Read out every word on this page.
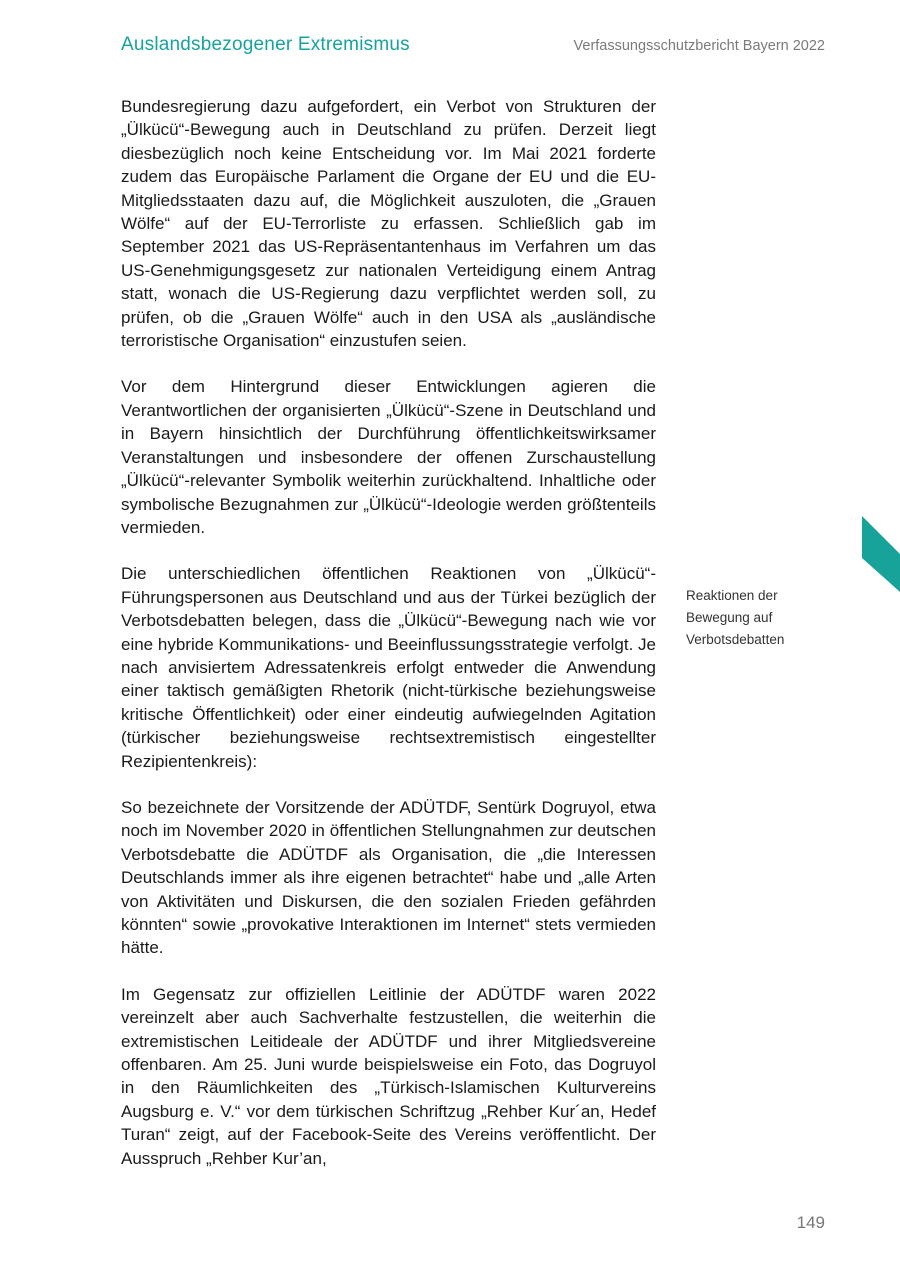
Auslandsbezogener Extremismus	Verfassungsschutzbericht Bayern 2022

Bundesregierung dazu aufgefordert, ein Verbot von Strukturen der „Ülkücü“-Bewegung auch in Deutschland zu prüfen. Derzeit liegt diesbezüglich noch keine Entscheidung vor. Im Mai 2021 forderte zudem das Europäische Parlament die Organe der EU und die EU-Mitgliedsstaaten dazu auf, die Möglichkeit auszuloten, die „Grauen Wölfe“ auf der EU-Terrorliste zu erfassen. Schließlich gab im September 2021 das US-Repräsentantenhaus im Verfahren um das US-Genehmigungsgesetz zur nationalen Verteidigung einem Antrag statt, wonach die US-Regierung dazu verpflichtet werden soll, zu prüfen, ob die „Grauen Wölfe“ auch in den USA als „ausländische terroristische Organisation“ einzustufen seien.

Vor dem Hintergrund dieser Entwicklungen agieren die Verantwortlichen der organisierten „Ülkücü“-Szene in Deutschland und in Bayern hinsichtlich der Durchführung öffentlichkeitswirksamer Veranstaltungen und insbesondere der offenen Zurschaustellung „Ülkücü“-relevanter Symbolik weiterhin zurückhaltend. Inhaltliche oder symbolische Bezugnahmen zur „Ülkücü“-Ideologie werden größtenteils vermieden.

Die unterschiedlichen öffentlichen Reaktionen von „Ülkücü“-Führungspersonen aus Deutschland und aus der Türkei bezüglich der Verbotsdebatten belegen, dass die „Ülkücü“-Bewegung nach wie vor eine hybride Kommunikations- und Beeinflussungsstrategie verfolgt. Je nach anvisiertem Adressatenkreis erfolgt entweder die Anwendung einer taktisch gemäßigten Rhetorik (nicht-türkische beziehungsweise kritische Öffentlichkeit) oder einer eindeutig aufwiegelnden Agitation (türkischer beziehungsweise rechtsextremistisch eingestellter Rezipientenkreis):

So bezeichnete der Vorsitzende der ADÜTDF, Sentürk Dogruyol, etwa noch im November 2020 in öffentlichen Stellungnahmen zur deutschen Verbotsdebatte die ADÜTDF als Organisation, die „die Interessen Deutschlands immer als ihre eigenen betrachtet“ habe und „alle Arten von Aktivitäten und Diskursen, die den sozialen Frieden gefährden könnten“ sowie „provokative Interaktionen im Internet“ stets vermieden hätte.

Im Gegensatz zur offiziellen Leitlinie der ADÜTDF waren 2022 vereinzelt aber auch Sachverhalte festzustellen, die weiterhin die extremistischen Leitideale der ADÜTDF und ihrer Mitgliedsvereine offenbaren. Am 25. Juni wurde beispielsweise ein Foto, das Dogruyol in den Räumlichkeiten des „Türkisch-Islamischen Kulturvereins Augsburg e. V.“ vor dem türkischen Schriftzug „Rehber Kur´an, Hedef Turan“ zeigt, auf der Facebook-Seite des Vereins veröffentlicht. Der Ausspruch „Rehber Kur’an,

Reaktionen der
Bewegung auf
Verbotsdebatten
149
